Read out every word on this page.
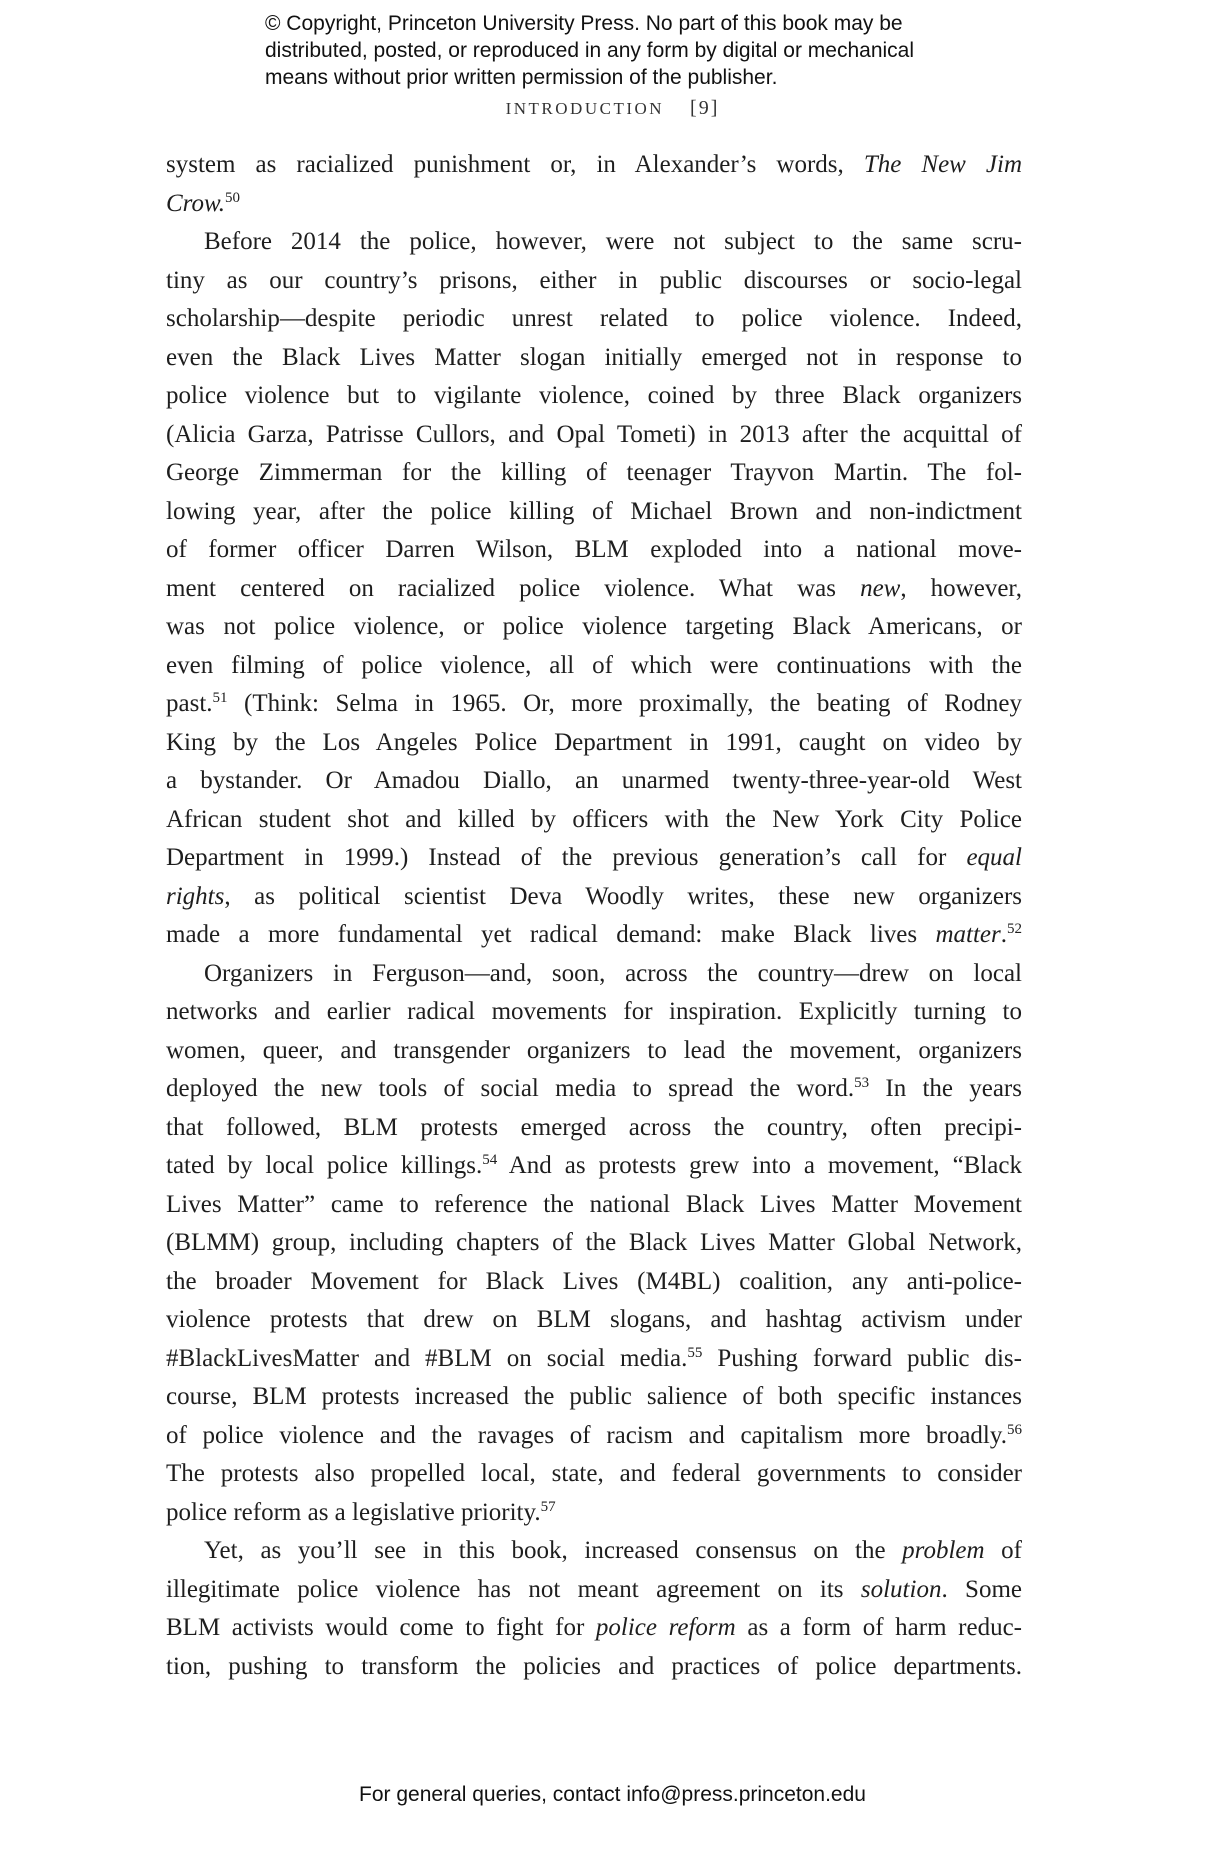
© Copyright, Princeton University Press. No part of this book may be
distributed, posted, or reproduced in any form by digital or mechanical
means without prior written permission of the publisher.
INTRODUCTION [9]
system as racialized punishment or, in Alexander’s words, The New Jim
Crow.$^{50}$
Before 2014 the police, however, were not subject to the same scru-
tiny as our country’s prisons, either in public discourses or socio-legal
scholarship—despite periodic unrest related to police violence. Indeed,
even the Black Lives Matter slogan initially emerged not in response to
police violence but to vigilante violence, coined by three Black organizers
(Alicia Garza, Patrisse Cullors, and Opal Tometi) in 2013 after the acquittal of
George Zimmerman for the killing of teenager Trayvon Martin. The fol-
lowing year, after the police killing of Michael Brown and non-indictment
of former officer Darren Wilson, BLM exploded into a national move-
ment centered on racialized police violence. What was new, however,
was not police violence, or police violence targeting Black Americans, or
even filming of police violence, all of which were continuations with the
past.$^{51}$ (Think: Selma in 1965. Or, more proximally, the beating of Rodney
King by the Los Angeles Police Department in 1991, caught on video by
a bystander. Or Amadou Diallo, an unarmed twenty-three-year-old West
African student shot and killed by officers with the New York City Police
Department in 1999.) Instead of the previous generation’s call for equal
rights, as political scientist Deva Woodly writes, these new organizers
made a more fundamental yet radical demand: make Black lives matter.$^{52}$
Organizers in Ferguson—and, soon, across the country—drew on local
networks and earlier radical movements for inspiration. Explicitly turning to
women, queer, and transgender organizers to lead the movement, organizers
deployed the new tools of social media to spread the word.$^{53}$ In the years
that followed, BLM protests emerged across the country, often precipi-
tated by local police killings.$^{54}$ And as protests grew into a movement, “Black
Lives Matter” came to reference the national Black Lives Matter Movement
(BLMM) group, including chapters of the Black Lives Matter Global Network,
the broader Movement for Black Lives (M4BL) coalition, any anti-police-
violence protests that drew on BLM slogans, and hashtag activism under
#BlackLivesMatter and #BLM on social media.$^{55}$ Pushing forward public dis-
course, BLM protests increased the public salience of both specific instances
of police violence and the ravages of racism and capitalism more broadly.$^{56}$
The protests also propelled local, state, and federal governments to consider
police reform as a legislative priority.$^{57}$
Yet, as you’ll see in this book, increased consensus on the problem of
illegitimate police violence has not meant agreement on its solution. Some
BLM activists would come to fight for police reform as a form of harm reduc-
tion, pushing to transform the policies and practices of police departments.
For general queries, contact info@press.princeton.edu
